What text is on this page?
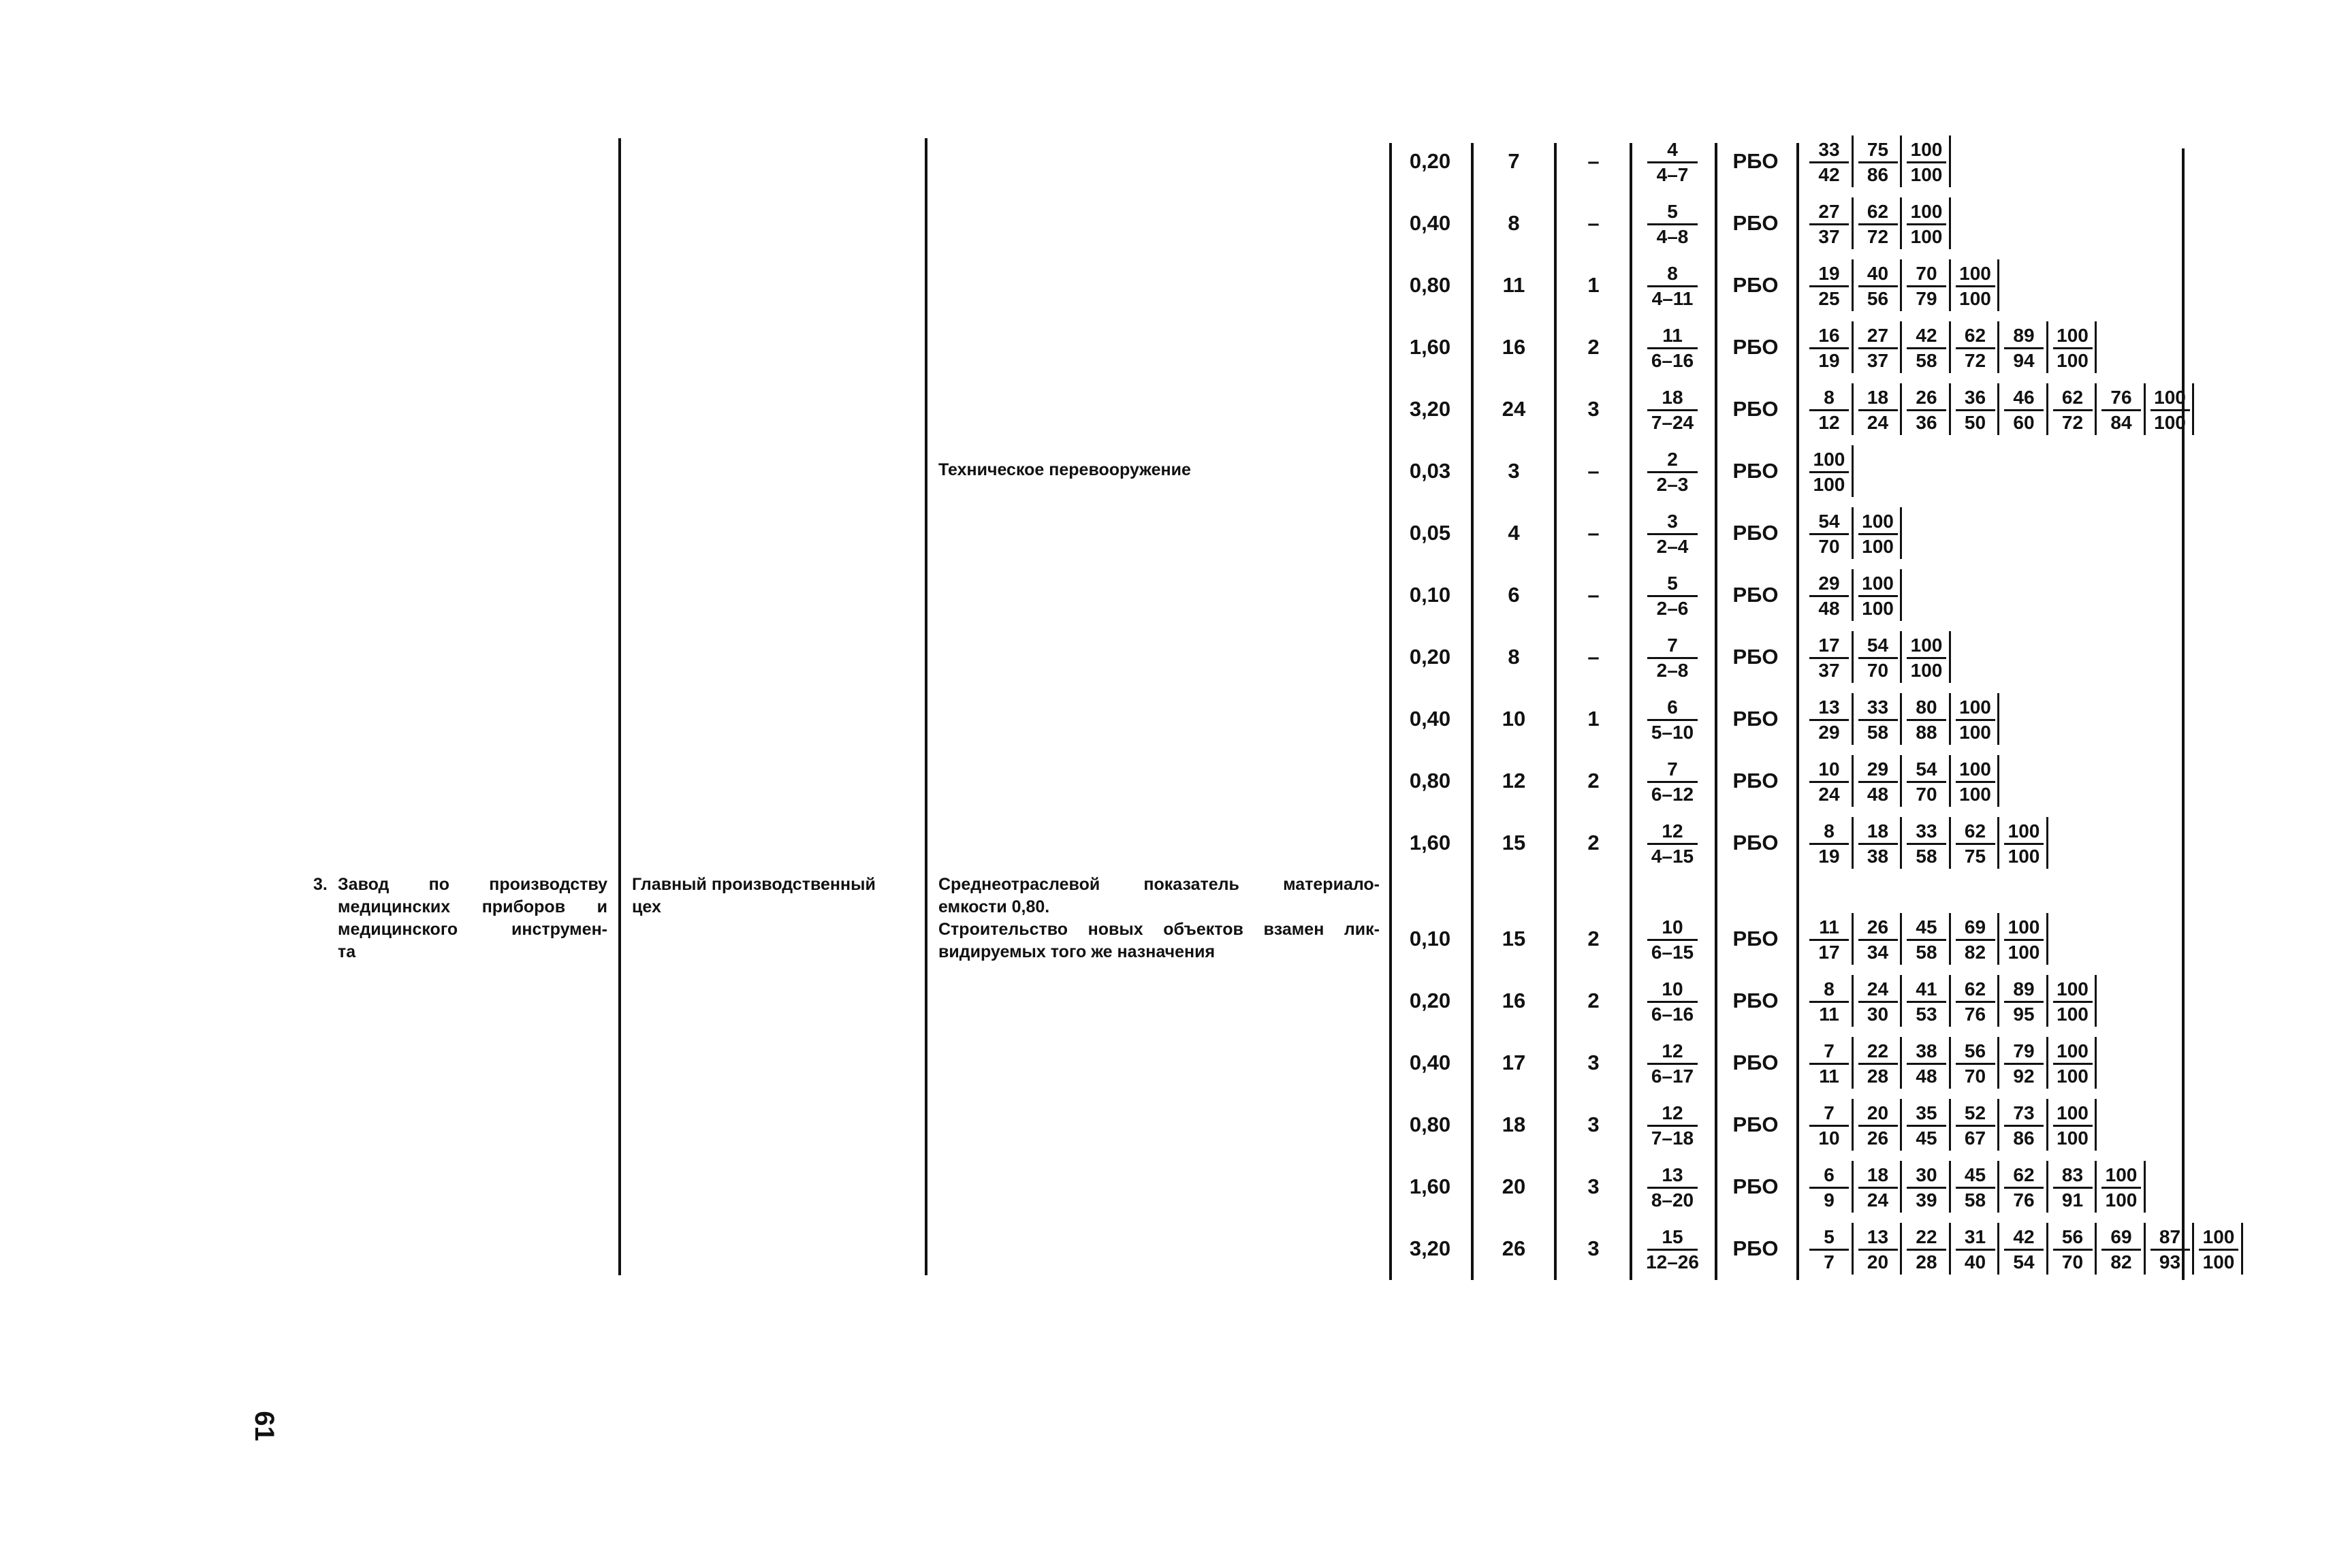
3. Завод по производству
медицинских приборов и
медицинского инструмен-
та
Главный производственный
цех
Техническое перевооружение
Среднеотраслевой показатель материало-
емкости 0,80.
Строительство новых объектов взамен лик-
видируемых того же назначения
0,20	7	–	$\frac{4}{4-7}$ РБО	$\frac{33}{42} \frac{75}{86} \frac{100}{100}$
0,40	8	–	$\frac{5}{4-8}$ РБО	$\frac{27}{37} \frac{62}{72} \frac{100}{100}$
0,80	11	1	$\frac{8}{4-11}$ РБО	$\frac{19}{25} \frac{40}{56} \frac{70}{79} \frac{100}{100}$
1,60	16	2	$\frac{11}{6-16}$ РБО	$\frac{16}{19} \frac{27}{37} \frac{42}{58} \frac{62}{72} \frac{89}{94} \frac{100}{100}$
3,20	24	3	$\frac{18}{7-24}$ РБО	$\frac{8}{12} \frac{18}{24} \frac{26}{36} \frac{36}{50} \frac{46}{60} \frac{62}{72} \frac{76}{84} \frac{100}{100}$
0,03	3	–	$\frac{2}{2-3}$ РБО	$\frac{100}{100}$
0,05	4	–	$\frac{3}{2-4}$ РБО	$\frac{54}{70} \frac{100}{100}$
0,10	6	–	$\frac{5}{2-6}$ РБО	$\frac{29}{48} \frac{100}{100}$
0,20	8	–	$\frac{7}{2-8}$ РБО	$\frac{17}{37} \frac{54}{70} \frac{100}{100}$
0,40	10	1	$\frac{6}{5-10}$ РБО	$\frac{13}{29} \frac{33}{58} \frac{80}{88} \frac{100}{100}$
0,80	12	2	$\frac{7}{6-12}$ РБО	$\frac{10}{24} \frac{29}{48} \frac{54}{70} \frac{100}{100}$
1,60	15	2	$\frac{12}{4-15}$ РБО	$\frac{8}{19} \frac{18}{38} \frac{33}{58} \frac{62}{75} \frac{100}{100}$
0,10	15	2	$\frac{10}{6-15}$ РБО	$\frac{11}{17} \frac{26}{34} \frac{45}{58} \frac{69}{82} \frac{100}{100}$
0,20	16	2	$\frac{10}{6-16}$ РБО	$\frac{8}{11} \frac{24}{30} \frac{41}{53} \frac{62}{76} \frac{89}{95} \frac{100}{100}$
0,40	17	3	$\frac{12}{6-17}$ РБО	$\frac{7}{11} \frac{22}{28} \frac{38}{48} \frac{56}{70} \frac{79}{92} \frac{100}{100}$
0,80	18	3	$\frac{12}{7-18}$ РБО	$\frac{7}{10} \frac{20}{26} \frac{35}{45} \frac{52}{67} \frac{73}{86} \frac{100}{100}$
1,60	20	3	$\frac{13}{8-20}$ РБО	$\frac{6}{9} \frac{18}{24} \frac{30}{39} \frac{45}{58} \frac{62}{76} \frac{83}{91} \frac{100}{100}$
3,20	26	3	$\frac{15}{12-26}$ РБО	$\frac{5}{7} \frac{13}{20} \frac{22}{28} \frac{31}{40} \frac{42}{54} \frac{56}{70} \frac{69}{82} \frac{87}{93} \frac{100}{100}$
61
